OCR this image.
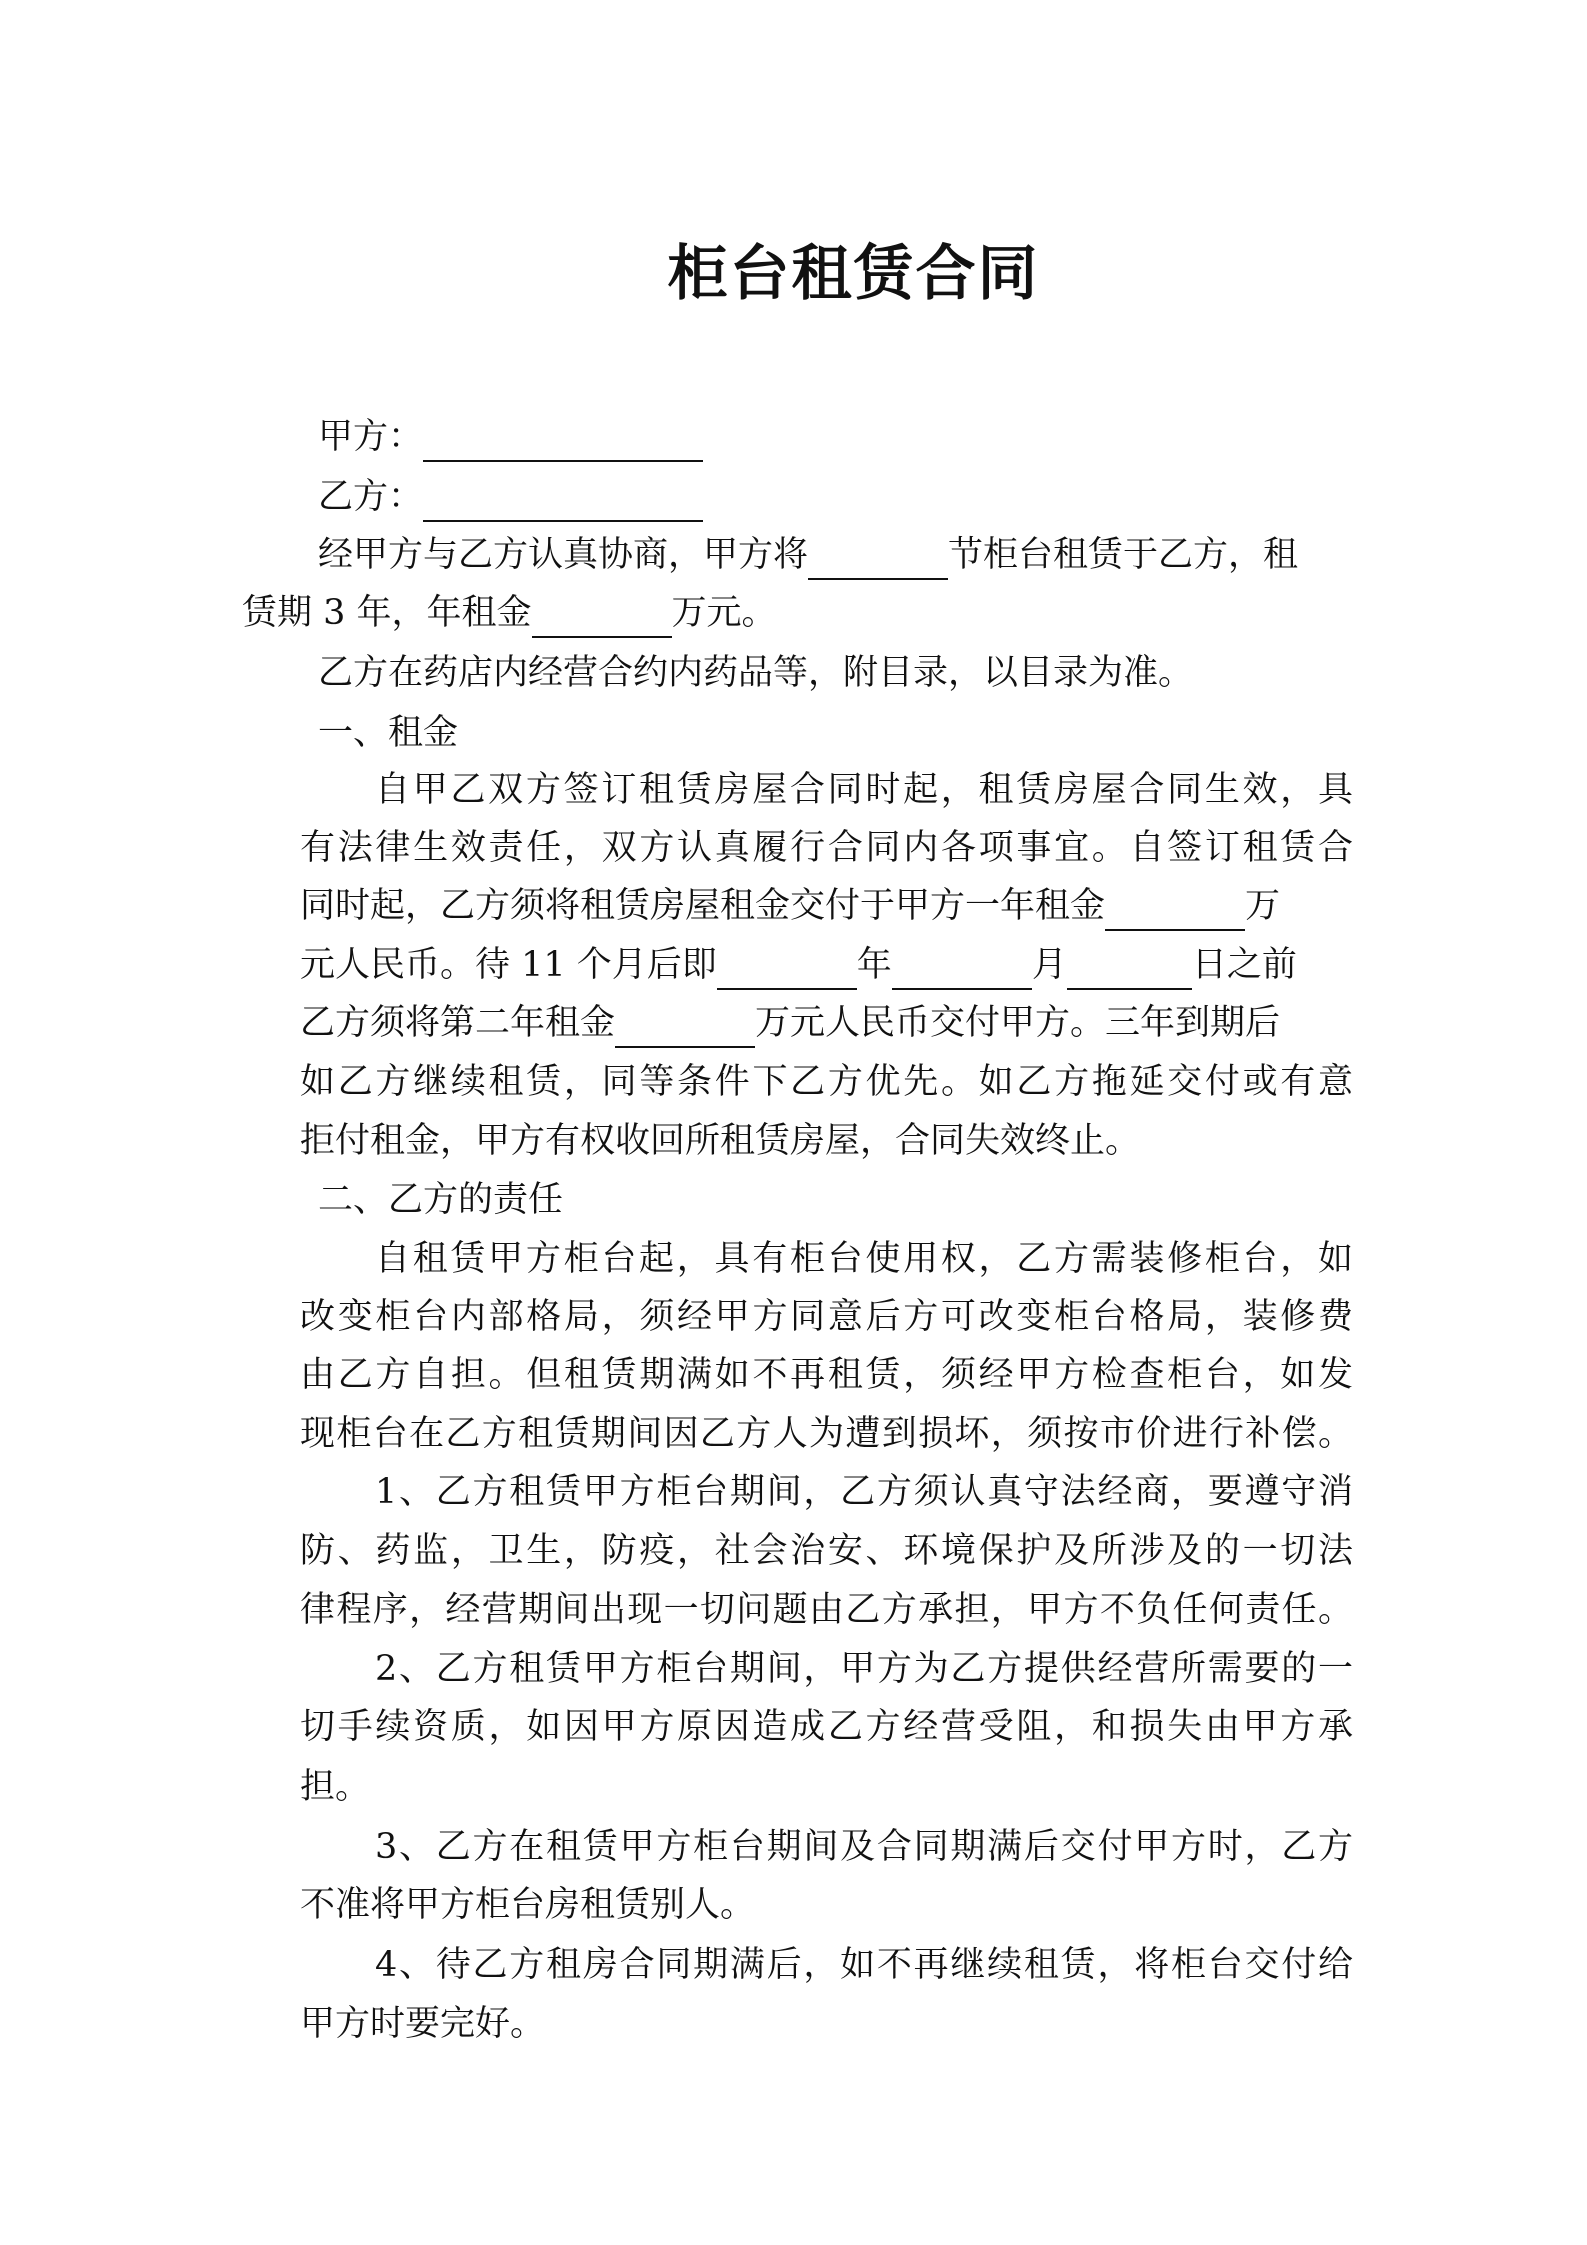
柜台租赁合同
甲方：
乙方：
经甲方与乙方认真协商，甲方将	节柜台租赁于乙方，租
赁期 3 年，年租金	万元。
乙方在药店内经营合约内药品等，附目录，以目录为准。
一、租金
自甲乙双方签订租赁房屋合同时起，租赁房屋合同生效，具
有法律生效责任，双方认真履行合同内各项事宜。自签订租赁合
同时起，乙方须将租赁房屋租金交付于甲方一年租金	万
元人民币。待 11 个月后即	年	月	日之前
乙方须将第二年租金	万元人民币交付甲方。三年到期后
如乙方继续租赁，同等条件下乙方优先。如乙方拖延交付或有意
拒付租金，甲方有权收回所租赁房屋，合同失效终止。
二、乙方的责任
自租赁甲方柜台起，具有柜台使用权，乙方需装修柜台，如
改变柜台内部格局，须经甲方同意后方可改变柜台格局，装修费
由乙方自担。但租赁期满如不再租赁，须经甲方检查柜台，如发
现柜台在乙方租赁期间因乙方人为遭到损坏，须按市价进行补偿。
1、乙方租赁甲方柜台期间，乙方须认真守法经商，要遵守消
防、药监，卫生，防疫，社会治安、环境保护及所涉及的一切法
律程序，经营期间出现一切问题由乙方承担，甲方不负任何责任。
2、乙方租赁甲方柜台期间，甲方为乙方提供经营所需要的一
切手续资质，如因甲方原因造成乙方经营受阻，和损失由甲方承
担。
3、乙方在租赁甲方柜台期间及合同期满后交付甲方时，乙方
不准将甲方柜台房租赁别人。
4、待乙方租房合同期满后，如不再继续租赁，将柜台交付给
甲方时要完好。
